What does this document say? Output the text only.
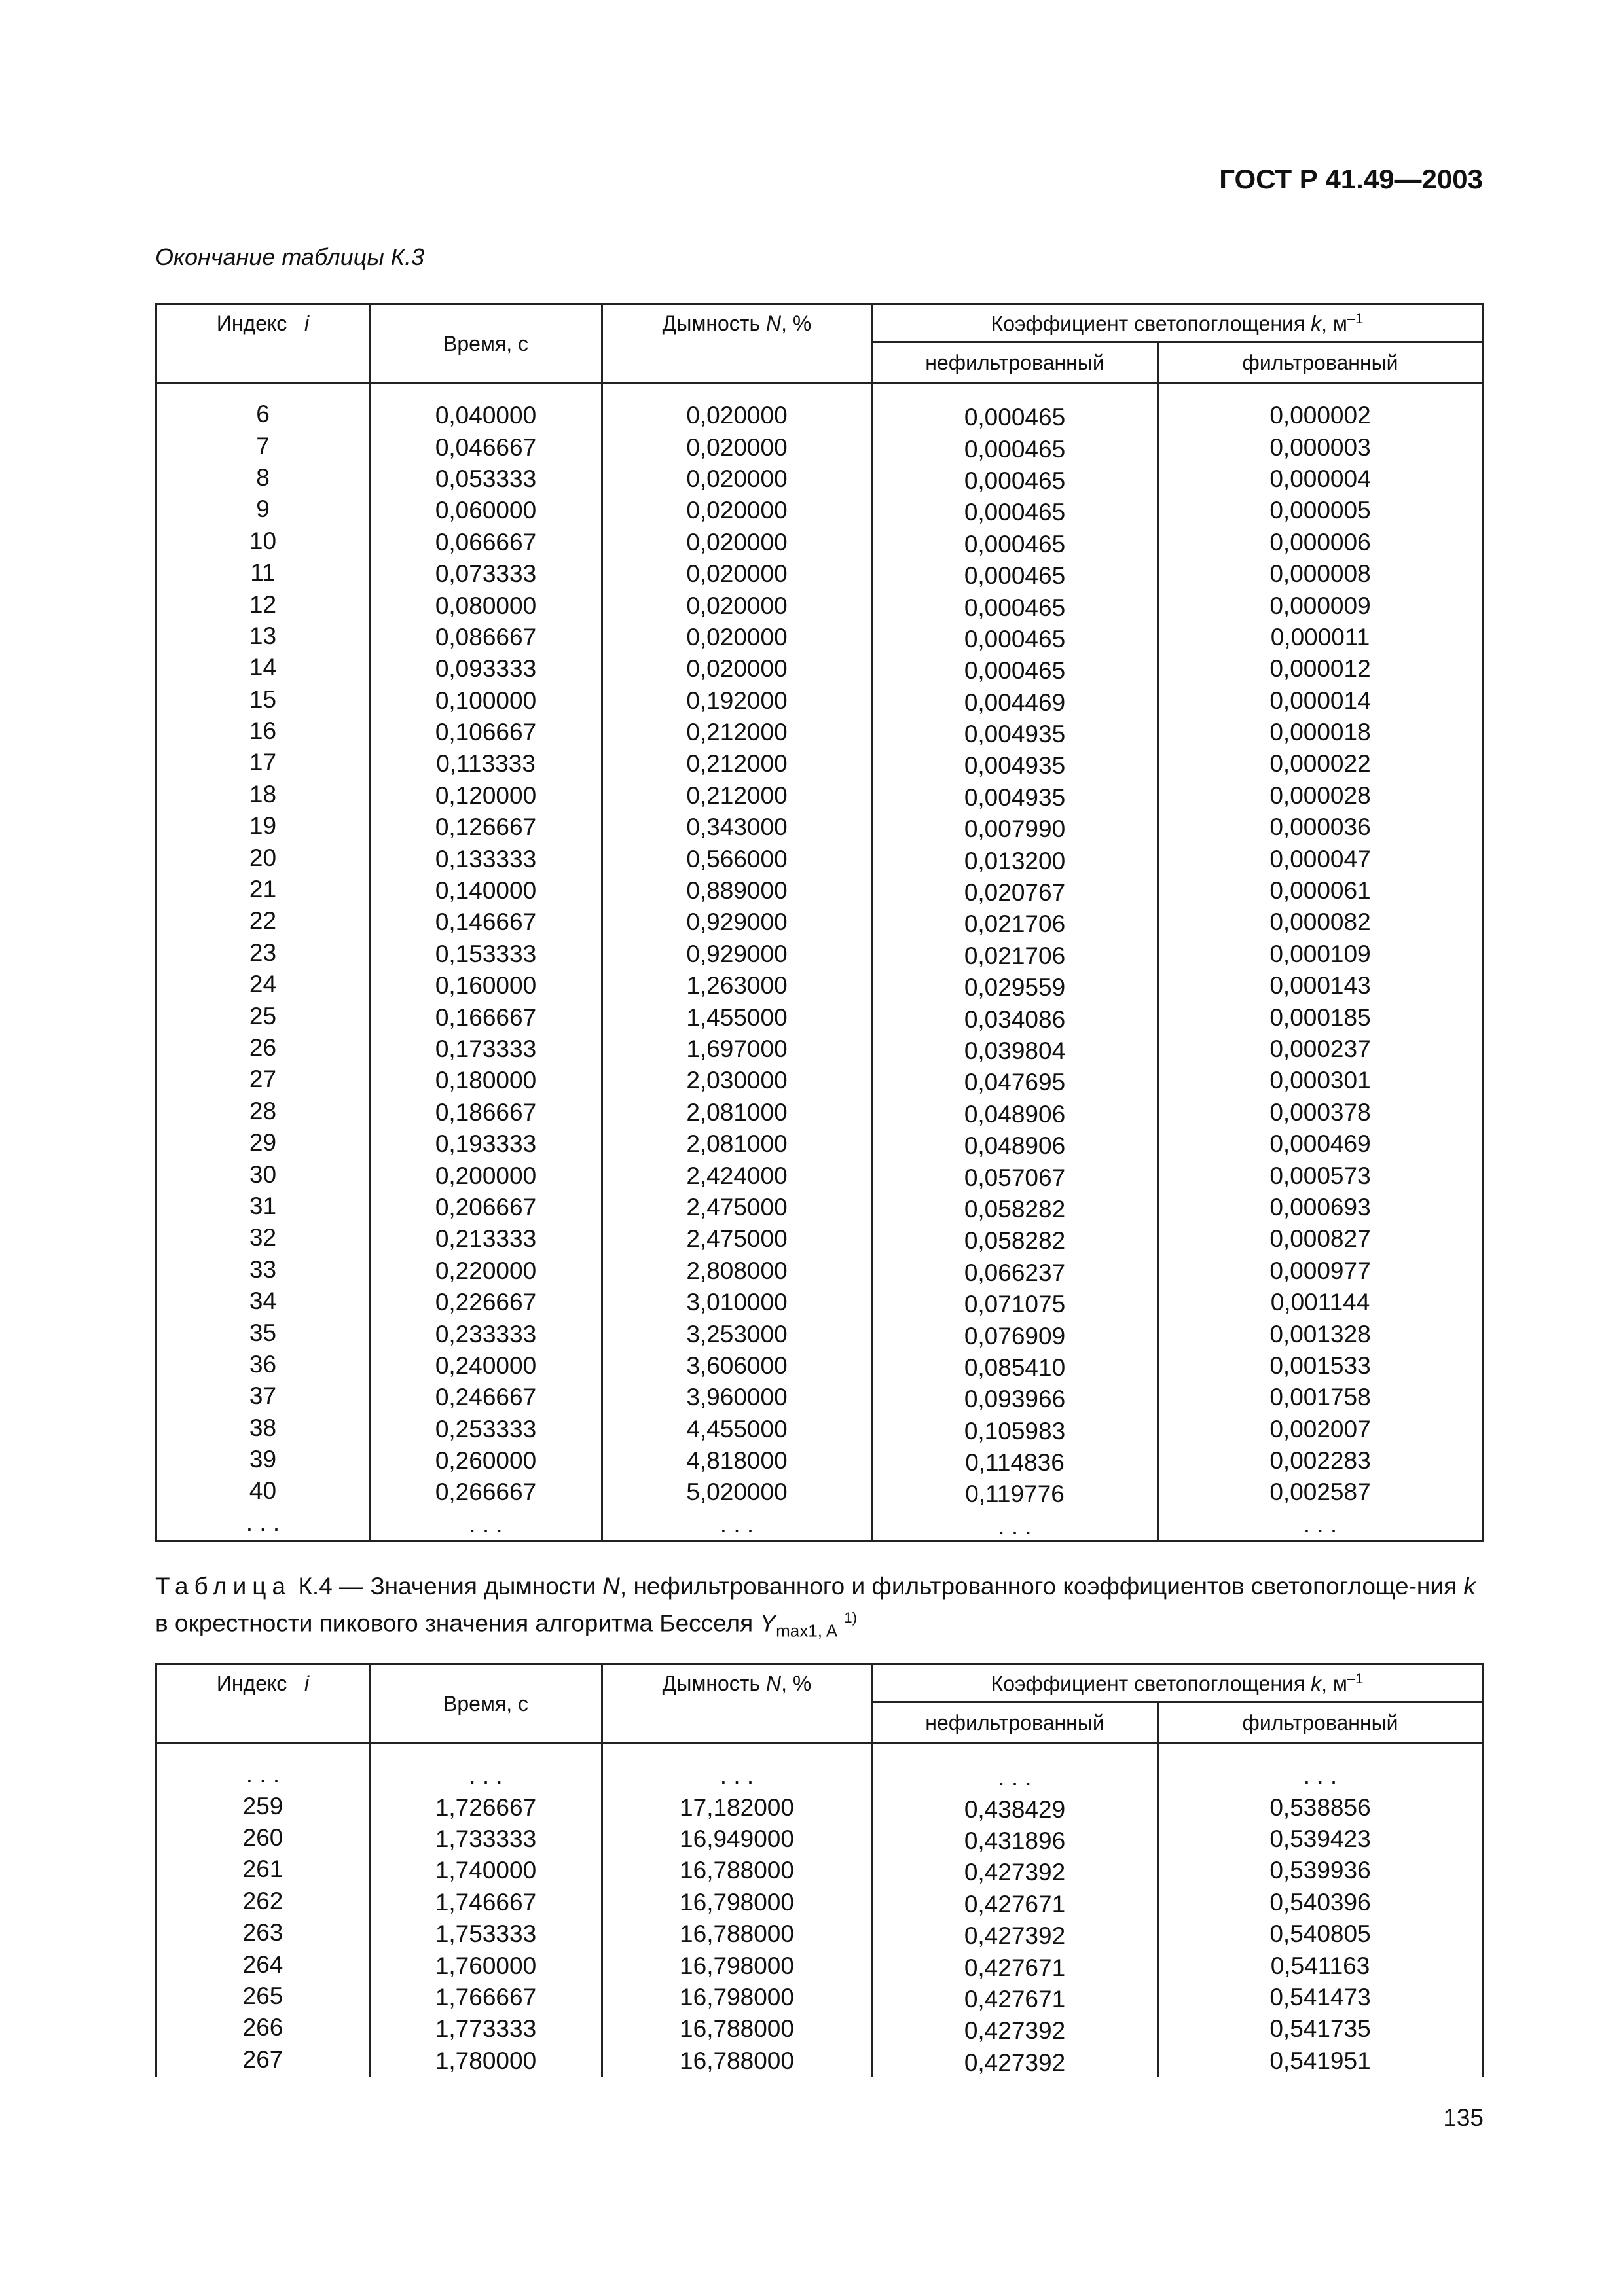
ГОСТ Р 41.49—2003
Окончание таблицы К.3
Индекс i	Время, с	Дымность N, %	Коэффициент светопоглощения k, $м^{-1}$
			нефильтрованный	фильтрованный

6	0,040000	0,020000	0,000465	0,000002
7	0,046667	0,020000	0,000465	0,000003
8	0,053333	0,020000	0,000465	0,000004
9	0,060000	0,020000	0,000465	0,000005
10	0,066667	0,020000	0,000465	0,000006
11	0,073333	0,020000	0,000465	0,000008
12	0,080000	0,020000	0,000465	0,000009
13	0,086667	0,020000	0,000465	0,000011
14	0,093333	0,020000	0,000465	0,000012
15	0,100000	0,192000	0,004469	0,000014
16	0,106667	0,212000	0,004935	0,000018
17	0,113333	0,212000	0,004935	0,000022
18	0,120000	0,212000	0,004935	0,000028
19	0,126667	0,343000	0,007990	0,000036
20	0,133333	0,566000	0,013200	0,000047
21	0,140000	0,889000	0,020767	0,000061
22	0,146667	0,929000	0,021706	0,000082
23	0,153333	0,929000	0,021706	0,000109
24	0,160000	1,263000	0,029559	0,000143
25	0,166667	1,455000	0,034086	0,000185
26	0,173333	1,697000	0,039804	0,000237
27	0,180000	2,030000	0,047695	0,000301
28	0,186667	2,081000	0,048906	0,000378
29	0,193333	2,081000	0,048906	0,000469
30	0,200000	2,424000	0,057067	0,000573
31	0,206667	2,475000	0,058282	0,000693
32	0,213333	2,475000	0,058282	0,000827
33	0,220000	2,808000	0,066237	0,000977
34	0,226667	3,010000	0,071075	0,001144
35	0,233333	3,253000	0,076909	0,001328
36	0,240000	3,606000	0,085410	0,001533
37	0,246667	3,960000	0,093966	0,001758
38	0,253333	4,455000	0,105983	0,002007
39	0,260000	4,818000	0,114836	0,002283
40	0,266667	5,020000	0,119776	0,002587
. . .	. . .	. . .	. . .	. . .
Таблица К.4 — Значения дымности N, нефильтрованного и фильтрованного коэффициентов светопоглоще-ния k в окрестности пикового значения алгоритма Бесселя $Y_{max1, A}$ $^{1)}$
Индекс i	Время, с	Дымность N, %	Коэффициент светопоглощения k, $м^{-1}$
			нефильтрованный	фильтрованный

. . .	. . .	. . .	. . .	. . .
259	1,726667	17,182000	0,438429	0,538856
260	1,733333	16,949000	0,431896	0,539423
261	1,740000	16,788000	0,427392	0,539936
262	1,746667	16,798000	0,427671	0,540396
263	1,753333	16,788000	0,427392	0,540805
264	1,760000	16,798000	0,427671	0,541163
265	1,766667	16,798000	0,427671	0,541473
266	1,773333	16,788000	0,427392	0,541735
267	1,780000	16,788000	0,427392	0,541951
135
